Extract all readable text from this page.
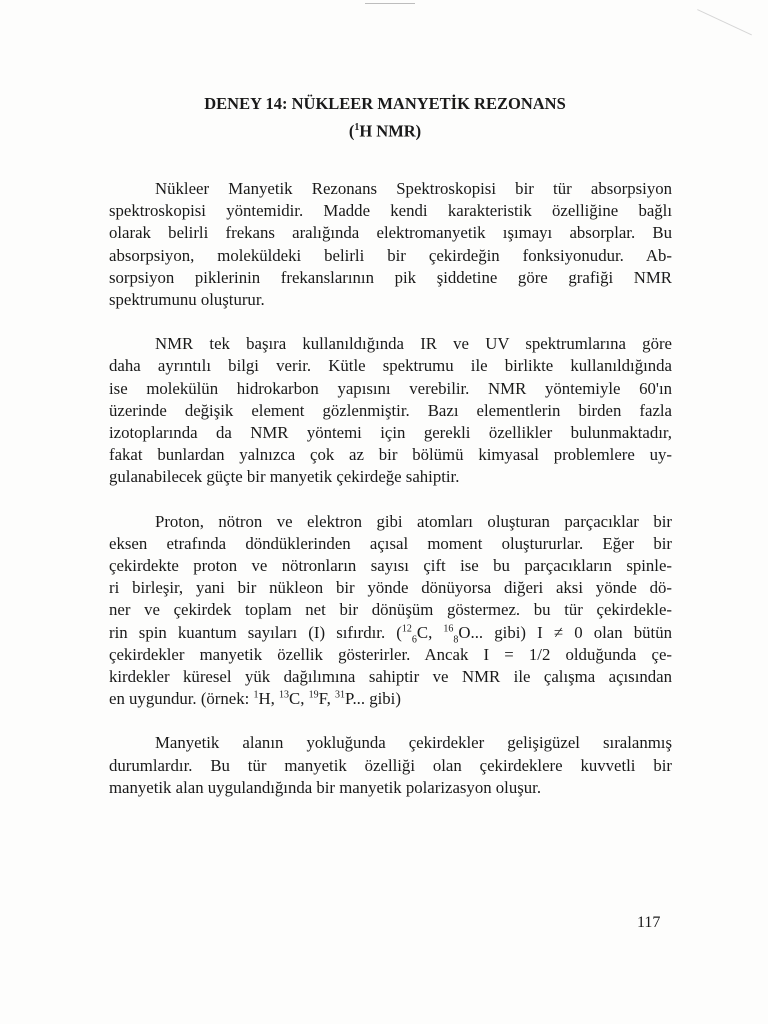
DENEY 14: NÜKLEER MANYETİK REZONANS
($^1$H NMR)
Nükleer Manyetik Rezonans Spektroskopisi bir tür absorpsiyon
spektroskopisi yöntemidir. Madde kendi karakteristik özelliğine bağlı
olarak belirli frekans aralığında elektromanyetik ışımayı absorplar. Bu
absorpsiyon, moleküldeki belirli bir çekirdeğin fonksiyonudur. Ab-
sorpsiyon piklerinin frekanslarının pik şiddetine göre grafiği NMR
spektrumunu oluşturur.
NMR tek başıra kullanıldığında IR ve UV spektrumlarına göre
daha ayrıntılı bilgi verir. Kütle spektrumu ile birlikte kullanıldığında
ise molekülün hidrokarbon yapısını verebilir. NMR yöntemiyle 60'ın
üzerinde değişik element gözlenmiştir. Bazı elementlerin birden fazla
izotoplarında da NMR yöntemi için gerekli özellikler bulunmaktadır,
fakat bunlardan yalnızca çok az bir bölümü kimyasal problemlere uy-
gulanabilecek güçte bir manyetik çekirdeğe sahiptir.
Proton, nötron ve elektron gibi atomları oluşturan parçacıklar bir
eksen etrafında döndüklerinden açısal moment oluştururlar. Eğer bir
çekirdekte proton ve nötronların sayısı çift ise bu parçacıkların spinle-
ri birleşir, yani bir nükleon bir yönde dönüyorsa diğeri aksi yönde dö-
ner ve çekirdek toplam net bir dönüşüm göstermez. bu tür çekirdekle-
rin spin kuantum sayıları (I) sıfırdır. ($^{12}_6$C, $^{16}_8$O... gibi) I ≠ 0 olan bütün
çekirdekler manyetik özellik gösterirler. Ancak I = 1/2 olduğunda çe-
kirdekler küresel yük dağılımına sahiptir ve NMR ile çalışma açısından
en uygundur. (örnek: $^1$H, $^{13}$C, $^{19}$F, $^{31}$P... gibi)
Manyetik alanın yokluğunda çekirdekler gelişigüzel sıralanmış
durumlardır. Bu tür manyetik özelliği olan çekirdeklere kuvvetli bir
manyetik alan uygulandığında bir manyetik polarizasyon oluşur.
117
